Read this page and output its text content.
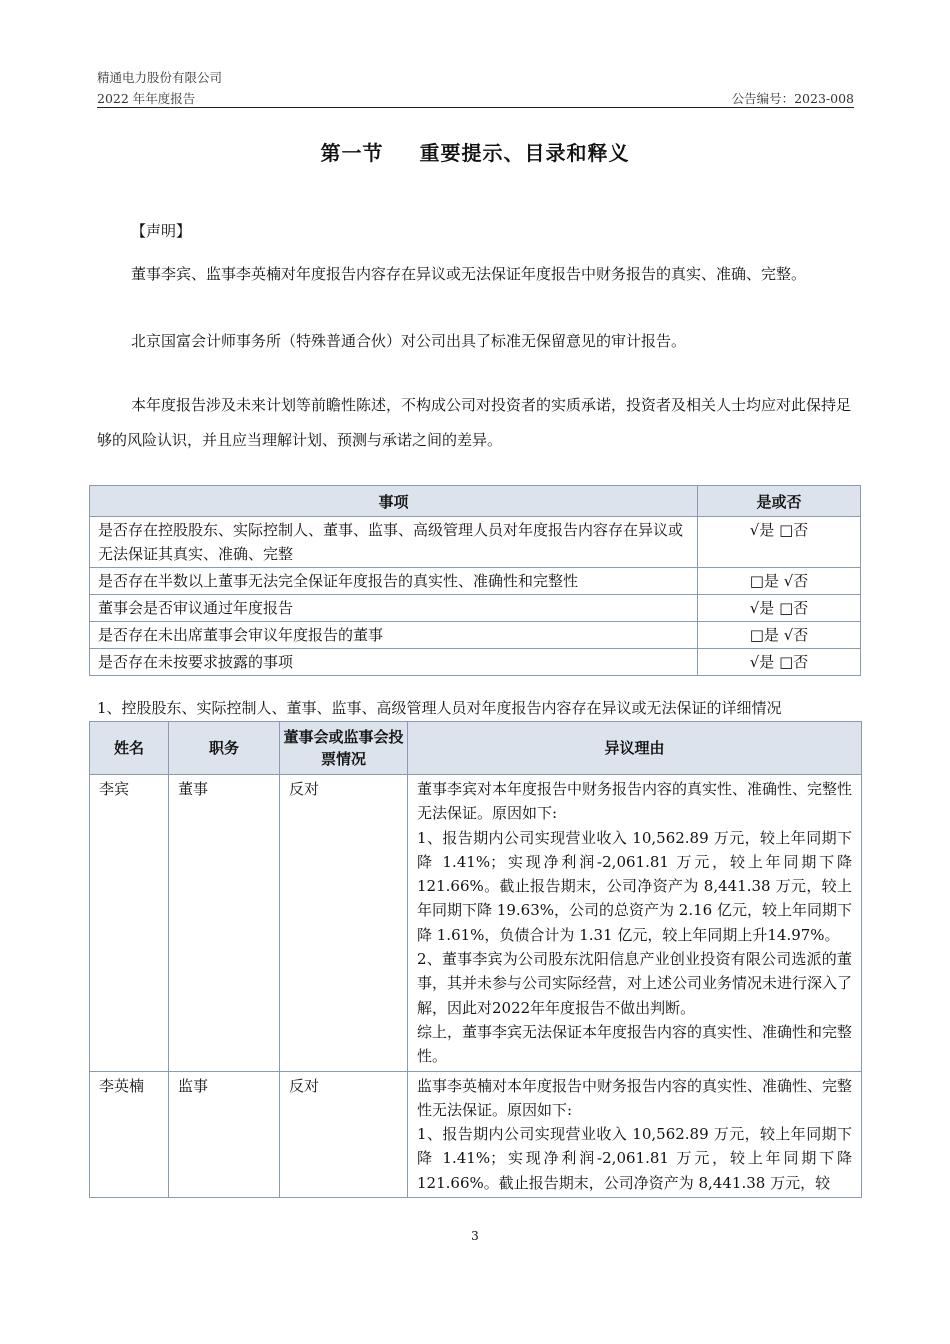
精通电力股份有限公司
2022 年年度报告	公告编号：2023-008
第一节 重要提示、目录和释义

【声明】

董事李宾、监事李英楠对年度报告内容存在异议或无法保证年度报告中财务报告的真实、准确、完整。

北京国富会计师事务所（特殊普通合伙）对公司出具了标准无保留意见的审计报告。

本年度报告涉及未来计划等前瞻性陈述，不构成公司对投资者的实质承诺，投资者及相关人士均应对此保持足够的风险认识，并且应当理解计划、预测与承诺之间的差异。

事项	是或否
是否存在控股股东、实际控制人、董事、监事、高级管理人员对年度报告内容存在异议或无法保证其真实、准确、完整	√是 □否
是否存在半数以上董事无法完全保证年度报告的真实性、准确性和完整性	□是 √否
董事会是否审议通过年度报告	√是 □否
是否存在未出席董事会审议年度报告的董事	□是 √否
是否存在未按要求披露的事项	√是 □否
1、控股股东、实际控制人、董事、监事、高级管理人员对年度报告内容存在异议或无法保证的详细情况
姓名	职务	董事会或监事会投票情况	异议理由
李宾	董事	反对	董事李宾对本年度报告中财务报告内容的真实性、准确性、完整性无法保证。原因如下:
1、报告期内公司实现营业收入 10,562.89 万元，较上年同期下降 1.41%；实现净利润-2,061.81 万元，较上年同期下降121.66%。截止报告期末，公司净资产为 8,441.38 万元，较上年同期下降 19.63%，公司的总资产为 2.16 亿元，较上年同期下降 1.61%，负债合计为 1.31 亿元，较上年同期上升14.97%。
2、董事李宾为公司股东沈阳信息产业创业投资有限公司选派的董事，其并未参与公司实际经营，对上述公司业务情况未进行深入了解，因此对2022年年度报告不做出判断。
综上，董事李宾无法保证本年度报告内容的真实性、准确性和完整性。

李英楠	监事	反对	监事李英楠对本年度报告中财务报告内容的真实性、准确性、完整性无法保证。原因如下:
1、报告期内公司实现营业收入 10,562.89 万元，较上年同期下降 1.41%；实现净利润-2,061.81 万元，较上年同期下降121.66%。截止报告期末，公司净资产为 8,441.38 万元，较
3
